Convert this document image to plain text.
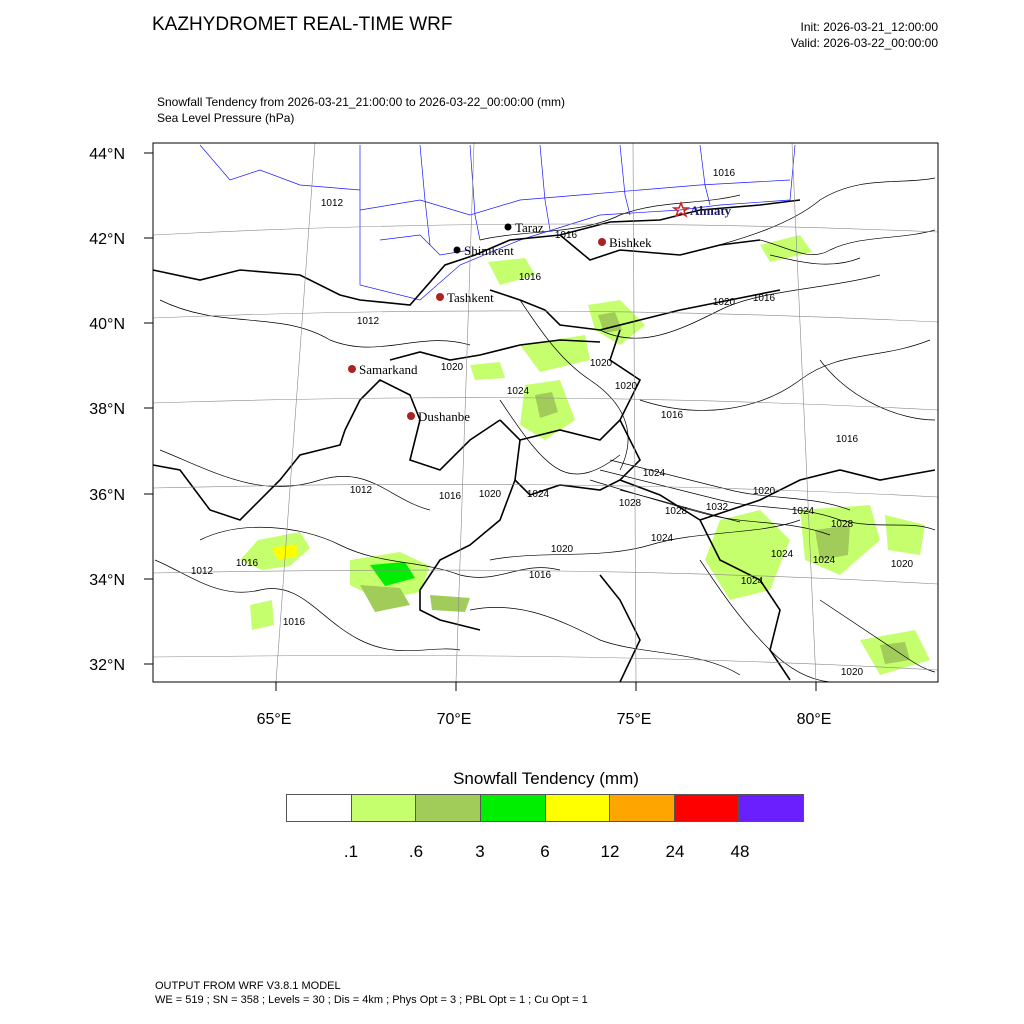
KAZHYDROMET REAL-TIME WRF	Init: 2026-03-21_12:00:00
Valid: 2026-03-22_00:00:00
Snowfall Tendency from 2026-03-21_21:00:00 to 2026-03-22_00:00:00 (mm)
Sea Level Pressure (hPa)
44°N
42°N
40°N
38°N
36°N
34°N
32°N
65°E	70°E	75°E	80°E
1016
1012
1016
1016
1020 1016
1012
1020	1020
1024	1020
1016
1016
1012
1016 1020	1024
1024
1028
1028 1032
1020
1024
1028
1024
1020
1016
1012
1016
1016
1024
1024	1020
1024
1020
Almaty
Taraz
Shimkent
Bishkek
Tashkent
Samarkand
Dushanbe
Snowfall Tendency (mm)
.1	.6	3	6	12	24	48
OUTPUT FROM WRF V3.8.1 MODEL
WE = 519 ; SN = 358 ; Levels = 30 ; Dis = 4km ; Phys Opt = 3 ; PBL Opt = 1 ; Cu Opt = 1
